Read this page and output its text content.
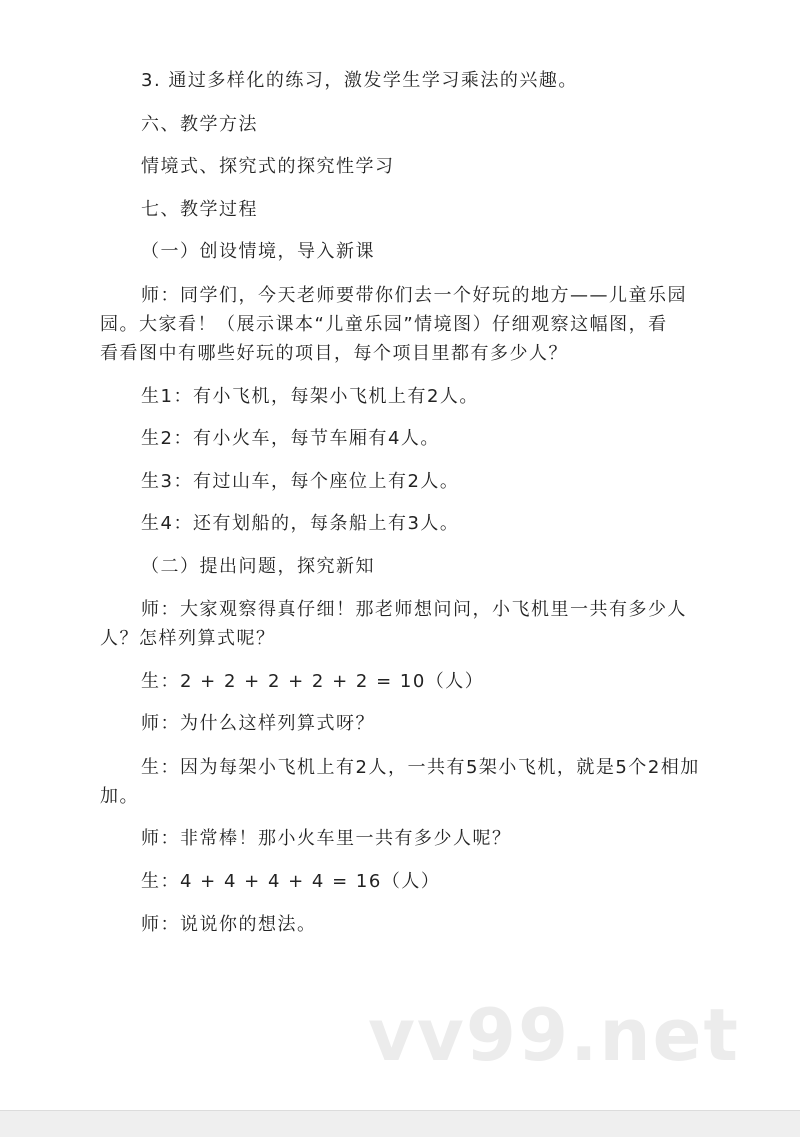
3. 通过多样化的练习，激发学生学习乘法的兴趣。
六、教学方法
情境式、探究式的探究性学习
七、教学过程
（一）创设情境，导入新课
师：同学们，今天老师要带你们去一个好玩的地方——儿童乐园
园。大家看！（展示课本“儿童乐园”情境图）仔细观察这幅图，看
看看图中有哪些好玩的项目，每个项目里都有多少人？
生1：有小飞机，每架小飞机上有2人。
生2：有小火车，每节车厢有4人。
生3：有过山车，每个座位上有2人。
生4：还有划船的，每条船上有3人。
（二）提出问题，探究新知
师：大家观察得真仔细！那老师想问问，小飞机里一共有多少人
人？怎样列算式呢？
生：2 + 2 + 2 + 2 + 2 = 10（人）
师：为什么这样列算式呀？
生：因为每架小飞机上有2人，一共有5架小飞机，就是5个2相加
加。
师：非常棒！那小火车里一共有多少人呢？
生：4 + 4 + 4 + 4 = 16（人）
师：说说你的想法。
vv99.net
